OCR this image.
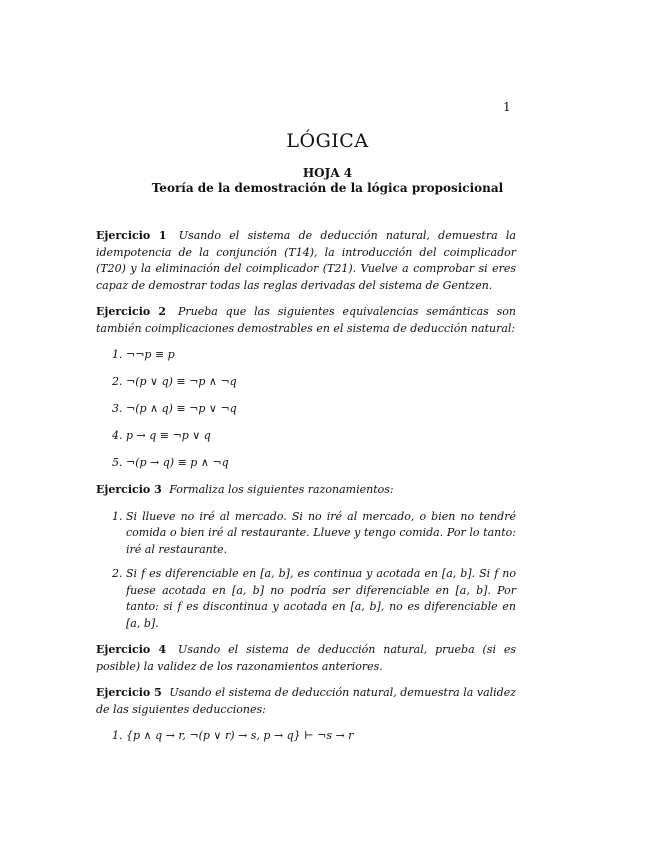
1
LÓGICA
HOJA 4
Teoría de la demostración de la lógica proposicional

Ejercicio 1 Usando el sistema de deducción natural, demuestra la idempotencia de la conjunción (T14), la introducción del coimplicador (T20) y la eliminación del coimplicador (T21). Vuelve a comprobar si eres capaz de demostrar todas las reglas derivadas del sistema de Gentzen.

Ejercicio 2 Prueba que las siguientes equivalencias semánticas son también coimplicaciones demostrables en el sistema de deducción natural:

1. ¬¬p ≡ p
2. ¬(p ∨ q) ≡ ¬p ∧ ¬q
3. ¬(p ∧ q) ≡ ¬p ∨ ¬q
4. p → q ≡ ¬p ∨ q
5. ¬(p → q) ≡ p ∧ ¬q

Ejercicio 3 Formaliza los siguientes razonamientos:

1. Si llueve no iré al mercado. Si no iré al mercado, o bien no tendré comida o bien iré al restaurante. Llueve y tengo comida. Por lo tanto: iré al restaurante.
2. Si f es diferenciable en [a, b], es continua y acotada en [a, b]. Si f no fuese acotada en [a, b] no podría ser diferenciable en [a, b]. Por tanto: si f es discontinua y acotada en [a, b], no es diferenciable en [a, b].

Ejercicio 4 Usando el sistema de deducción natural, prueba (si es posible) la validez de los razonamientos anteriores.

Ejercicio 5 Usando el sistema de deducción natural, demuestra la validez de las siguientes deducciones:

1. {p ∧ q → r, ¬(p ∨ r) → s, p → q} ⊢ ¬s → r
